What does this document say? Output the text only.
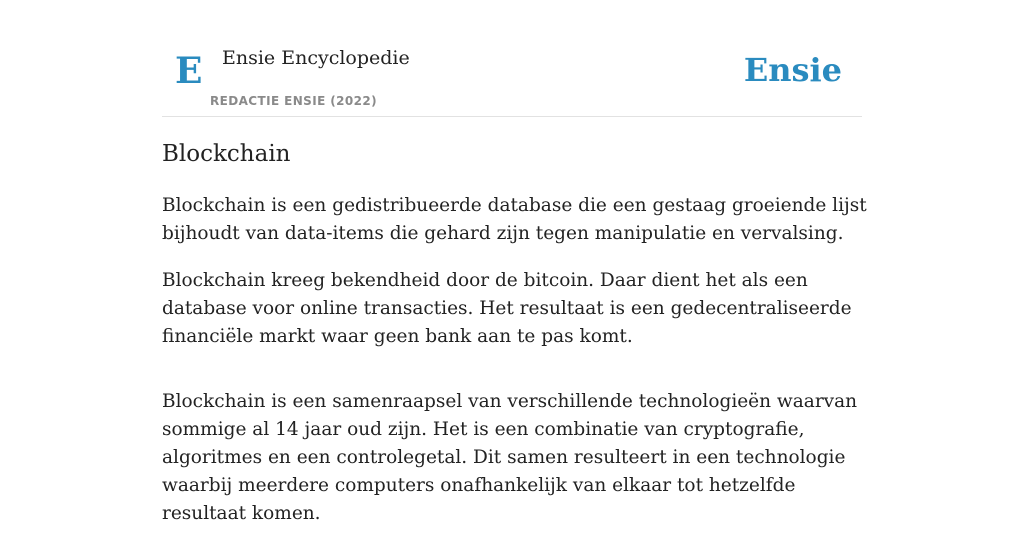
E Ensie Encyclopedie
REDACTIE ENSIE (2022)
Ensie
Blockchain

Blockchain is een gedistribueerde database die een gestaag groeiende lijst bijhoudt van data-items die gehard zijn tegen manipulatie en vervalsing.

Blockchain kreeg bekendheid door de bitcoin. Daar dient het als een database voor online transacties. Het resultaat is een gedecentraliseerde financiële markt waar geen bank aan te pas komt.

Blockchain is een samenraapsel van verschillende technologieën waarvan sommige al 14 jaar oud zijn. Het is een combinatie van cryptografie, algoritmes en een controlegetal. Dit samen resulteert in een technologie waarbij meerdere computers onafhankelijk van elkaar tot hetzelfde resultaat komen.
